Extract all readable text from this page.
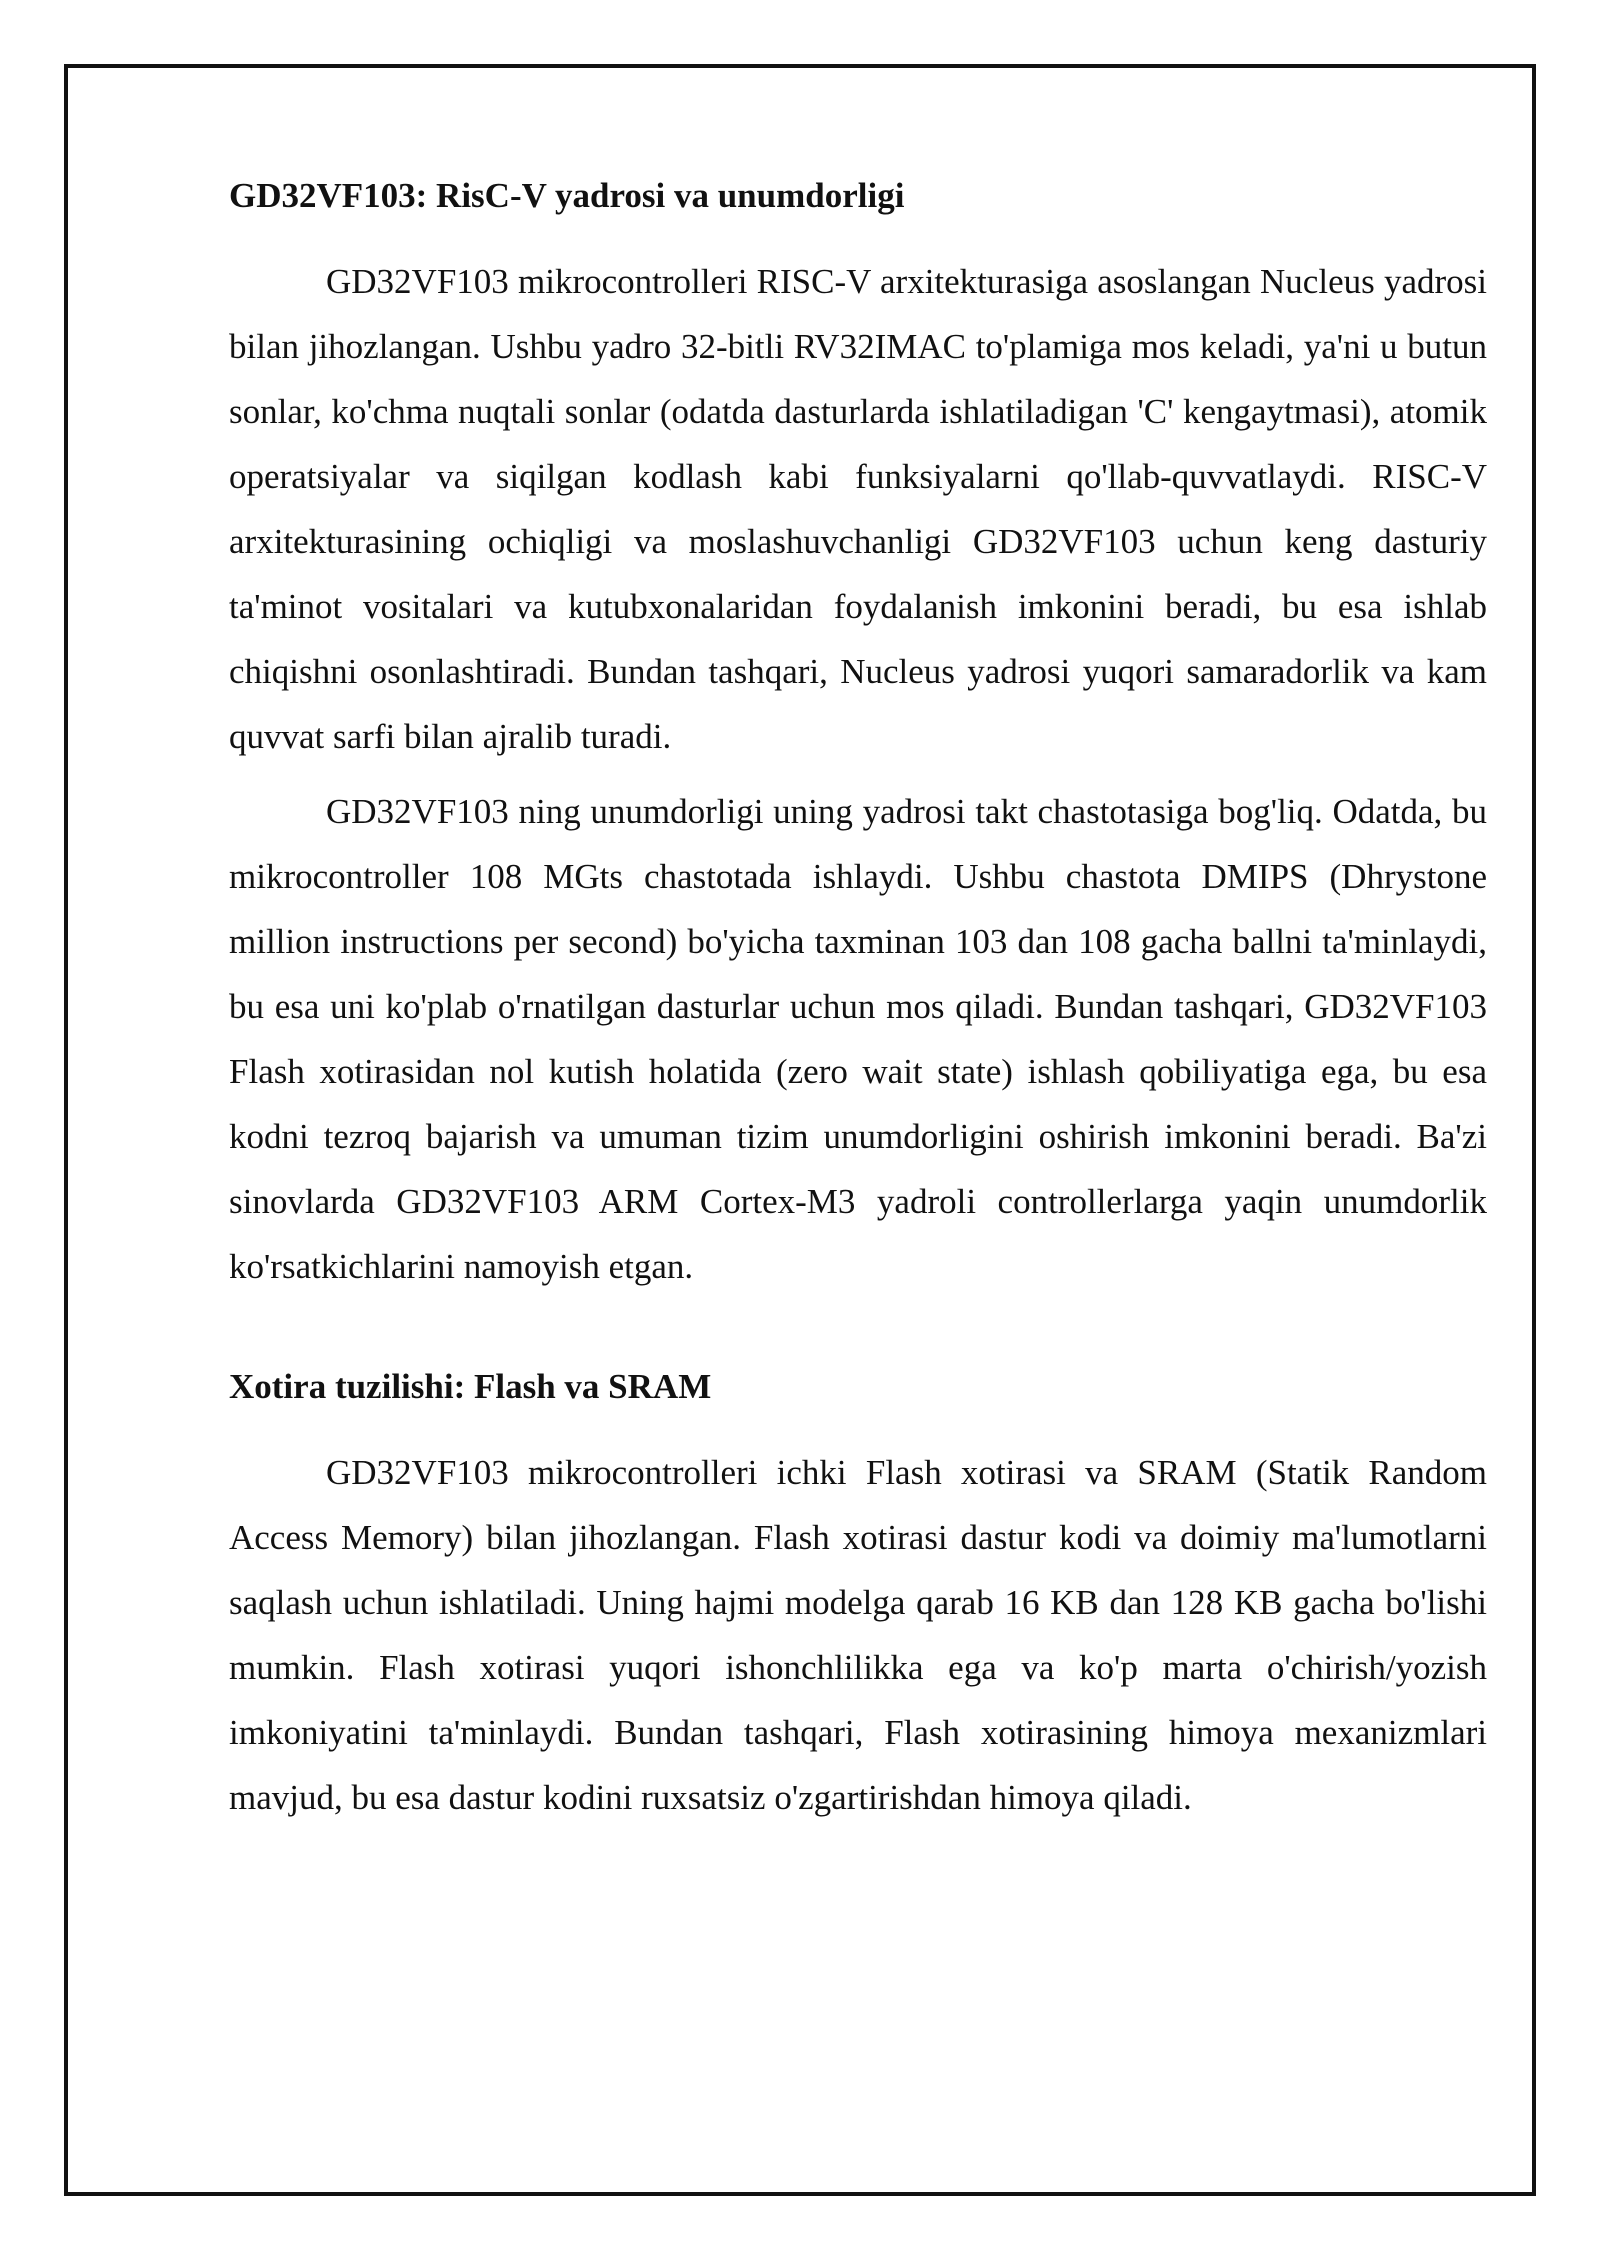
GD32VF103: RisC-V yadrosi va unumdorligi

GD32VF103 mikrocontrolleri RISC-V arxitekturasiga asoslangan Nucleus yadrosi bilan jihozlangan. Ushbu yadro 32-bitli RV32IMAC to'plamiga mos keladi, ya'ni u butun sonlar, ko'chma nuqtali sonlar (odatda dasturlarda ishlatiladigan 'C' kengaytmasi), atomik operatsiyalar va siqilgan kodlash kabi funksiyalarni qo'llab-quvvatlaydi. RISC-V arxitekturasining ochiqligi va moslashuvchanligi GD32VF103 uchun keng dasturiy ta'minot vositalari va kutubxonalaridan foydalanish imkonini beradi, bu esa ishlab chiqishni osonlashtiradi. Bundan tashqari, Nucleus yadrosi yuqori samaradorlik va kam quvvat sarfi bilan ajralib turadi.

GD32VF103 ning unumdorligi uning yadrosi takt chastotasiga bog'liq. Odatda, bu mikrocontroller 108 MGts chastotada ishlaydi. Ushbu chastota DMIPS (Dhrystone million instructions per second) bo'yicha taxminan 103 dan 108 gacha ballni ta'minlaydi, bu esa uni ko'plab o'rnatilgan dasturlar uchun mos qiladi. Bundan tashqari, GD32VF103 Flash xotirasidan nol kutish holatida (zero wait state) ishlash qobiliyatiga ega, bu esa kodni tezroq bajarish va umuman tizim unumdorligini oshirish imkonini beradi. Ba'zi sinovlarda GD32VF103 ARM Cortex-M3 yadroli controllerlarga yaqin unumdorlik ko'rsatkichlarini namoyish etgan.

Xotira tuzilishi: Flash va SRAM

GD32VF103 mikrocontrolleri ichki Flash xotirasi va SRAM (Statik Random Access Memory) bilan jihozlangan. Flash xotirasi dastur kodi va doimiy ma'lumotlarni saqlash uchun ishlatiladi. Uning hajmi modelga qarab 16 KB dan 128 KB gacha bo'lishi mumkin. Flash xotirasi yuqori ishonchlilikka ega va ko'p marta o'chirish/yozish imkoniyatini ta'minlaydi. Bundan tashqari, Flash xotirasining himoya mexanizmlari mavjud, bu esa dastur kodini ruxsatsiz o'zgartirishdan himoya qiladi.
